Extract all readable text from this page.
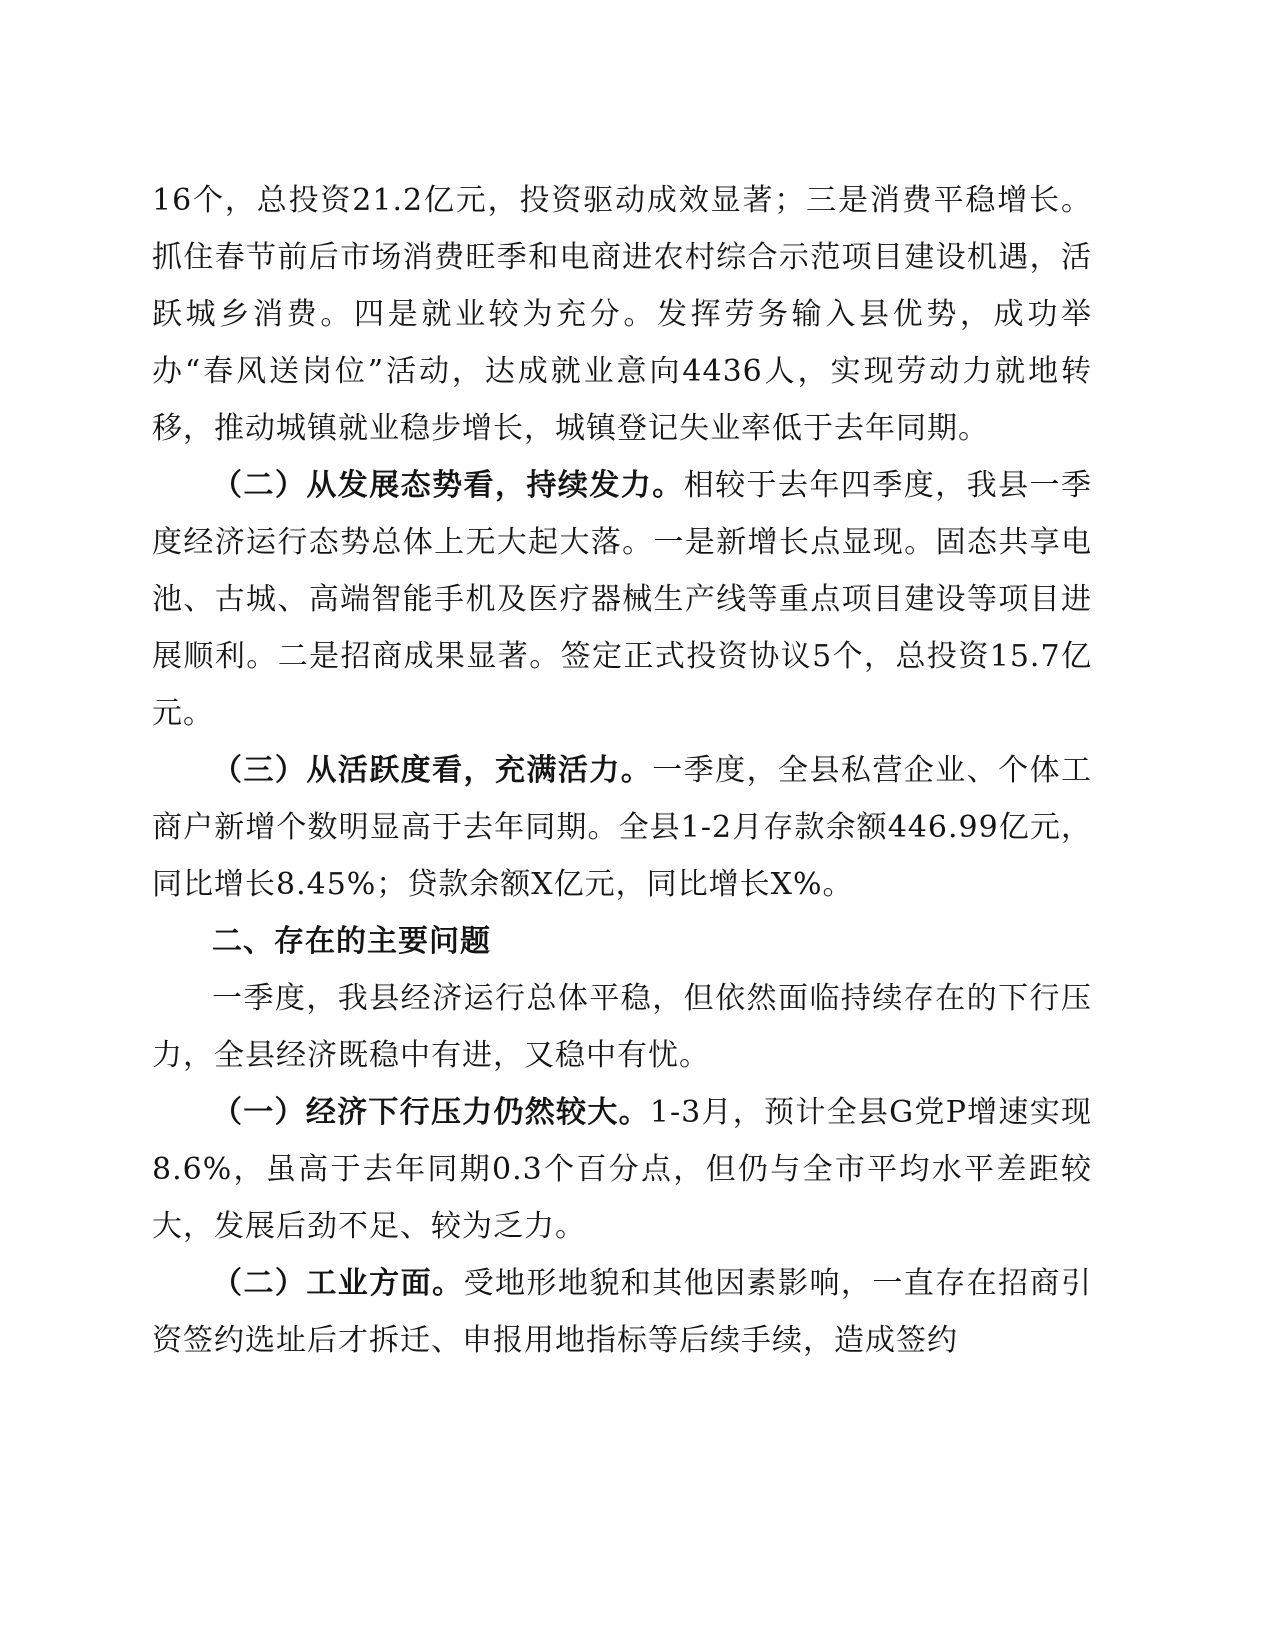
16个，总投资21.2亿元，投资驱动成效显著；三是消费平稳增长。抓住春节前后市场消费旺季和电商进农村综合示范项目建设机遇，活跃城乡消费。四是就业较为充分。发挥劳务输入县优势，成功举办“春风送岗位”活动，达成就业意向4436人，实现劳动力就地转移，推动城镇就业稳步增长，城镇登记失业率低于去年同期。

（二）从发展态势看，持续发力。相较于去年四季度，我县一季度经济运行态势总体上无大起大落。一是新增长点显现。固态共享电池、古城、高端智能手机及医疗器械生产线等重点项目建设等项目进展顺利。二是招商成果显著。签定正式投资协议5个，总投资15.7亿元。

（三）从活跃度看，充满活力。一季度，全县私营企业、个体工商户新增个数明显高于去年同期。全县1-2月存款余额446.99亿元，同比增长8.45%；贷款余额X亿元，同比增长X%。

二、存在的主要问题

一季度，我县经济运行总体平稳，但依然面临持续存在的下行压力，全县经济既稳中有进，又稳中有忧。

（一）经济下行压力仍然较大。1-3月，预计全县G党P增速实现8.6%，虽高于去年同期0.3个百分点，但仍与全市平均水平差距较大，发展后劲不足、较为乏力。

（二）工业方面。受地形地貌和其他因素影响，一直存在招商引资签约选址后才拆迁、申报用地指标等后续手续，造成签约
